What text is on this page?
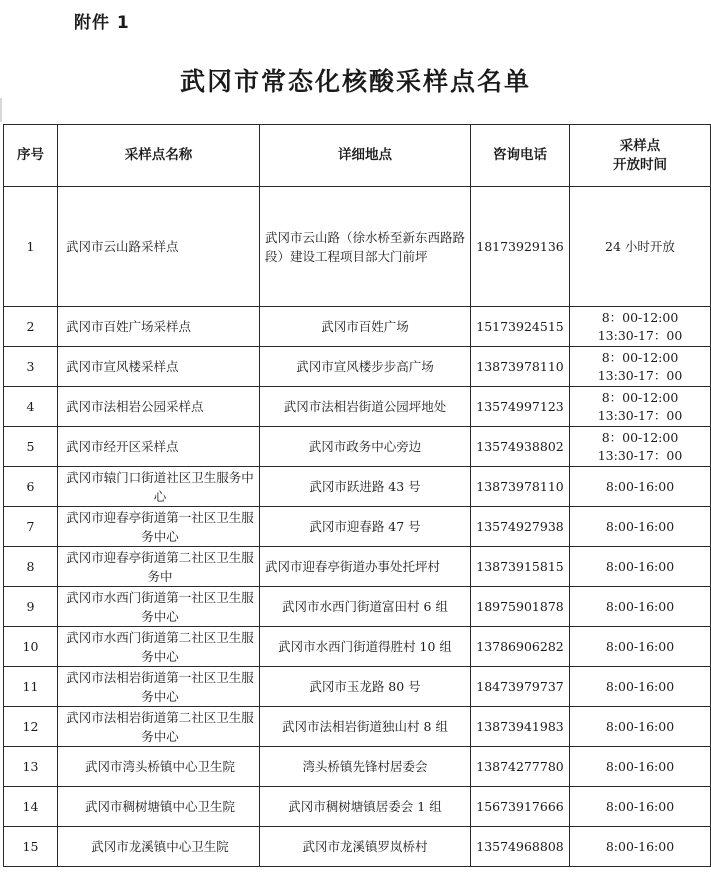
附件 1
武冈市常态化核酸采样点名单
序号	采样点名称	详细地点	咨询电话	采样点
开放时间

1	武冈市云山路采样点	武冈市云山路（徐水桥至新东西路路段）建设工程项目部大门前坪	18173929136	24 小时开放
2	武冈市百姓广场采样点	武冈市百姓广场	15173924515	8：00-12:00
13:30-17：00
3	武冈市宣风楼采样点	武冈市宣风楼步步高广场	13873978110	8：00-12:00
13:30-17：00
4	武冈市法相岩公园采样点	武冈市法相岩街道公园坪地处	13574997123	8：00-12:00
13:30-17：00
5	武冈市经开区采样点	武冈市政务中心旁边	13574938802	8：00-12:00
13:30-17：00
6	武冈市辕门口街道社区卫生服务中心	武冈市跃进路 43 号	13873978110	8:00-16:00
7	武冈市迎春亭街道第一社区卫生服务中心	武冈市迎春路 47 号	13574927938	8:00-16:00
8	武冈市迎春亭街道第二社区卫生服务中	武冈市迎春亭街道办事处托坪村	13873915815	8:00-16:00
9	武冈市水西门街道第一社区卫生服务中心	武冈市水西门街道富田村 6 组	18975901878	8:00-16:00
10	武冈市水西门街道第二社区卫生服务中心	武冈市水西门街道得胜村 10 组	13786906282	8:00-16:00
11	武冈市法相岩街道第一社区卫生服务中心	武冈市玉龙路 80 号	18473979737	8:00-16:00
12	武冈市法相岩街道第二社区卫生服务中心	武冈市法相岩街道独山村 8 组	13873941983	8:00-16:00
13	武冈市湾头桥镇中心卫生院	湾头桥镇先锋村居委会	13874277780	8:00-16:00
14	武冈市稠树塘镇中心卫生院	武冈市稠树塘镇居委会 1 组	15673917666	8:00-16:00
15	武冈市龙溪镇中心卫生院	武冈市龙溪镇罗岚桥村	13574968808	8:00-16:00
